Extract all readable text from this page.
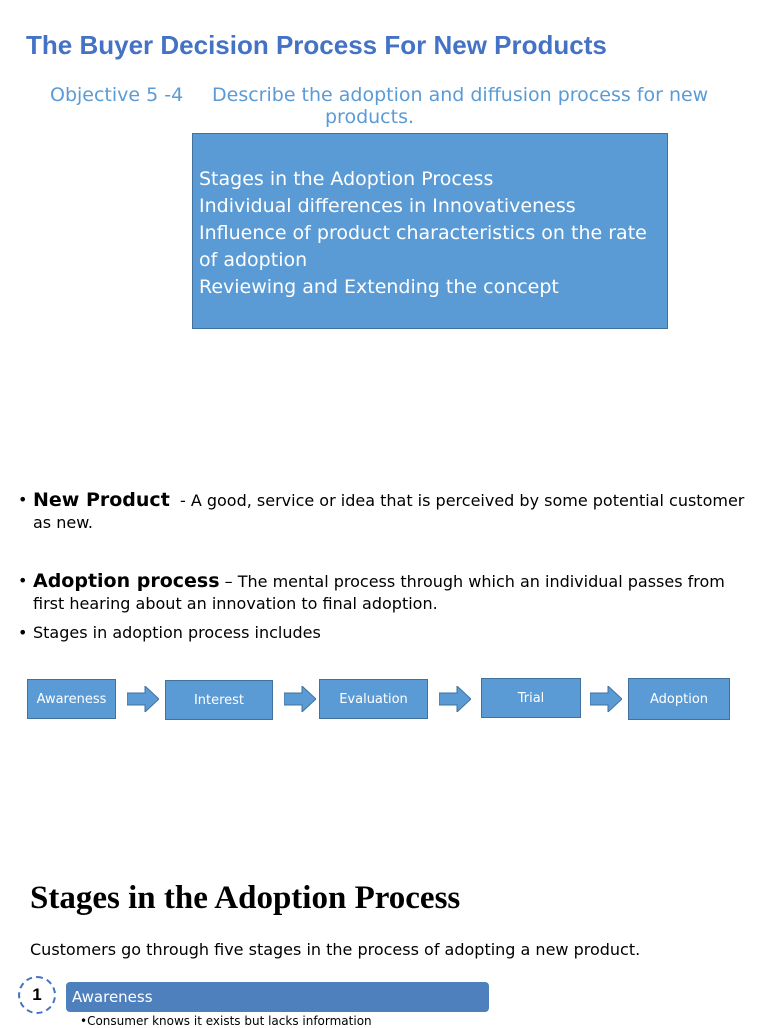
The Buyer Decision Process For New Products
Objective 5 -4 Describe the adoption and diffusion process for new
products.
Stages in the Adoption Process
Individual differences in Innovativeness
Influence of product characteristics on the rate of adoption
Reviewing and Extending the concept
• New Product  - A good, service or idea that is perceived by some potential customer as new.
• Adoption process – The mental process through which an individual passes from first hearing about an innovation to final adoption.
• Stages in adoption process includes
Awareness	Interest	Evaluation	Trial	Adoption
Stages in the Adoption Process
Customers go through five stages in the process of adopting a new product.
1	Awareness
•Consumer knows it exists but lacks information
